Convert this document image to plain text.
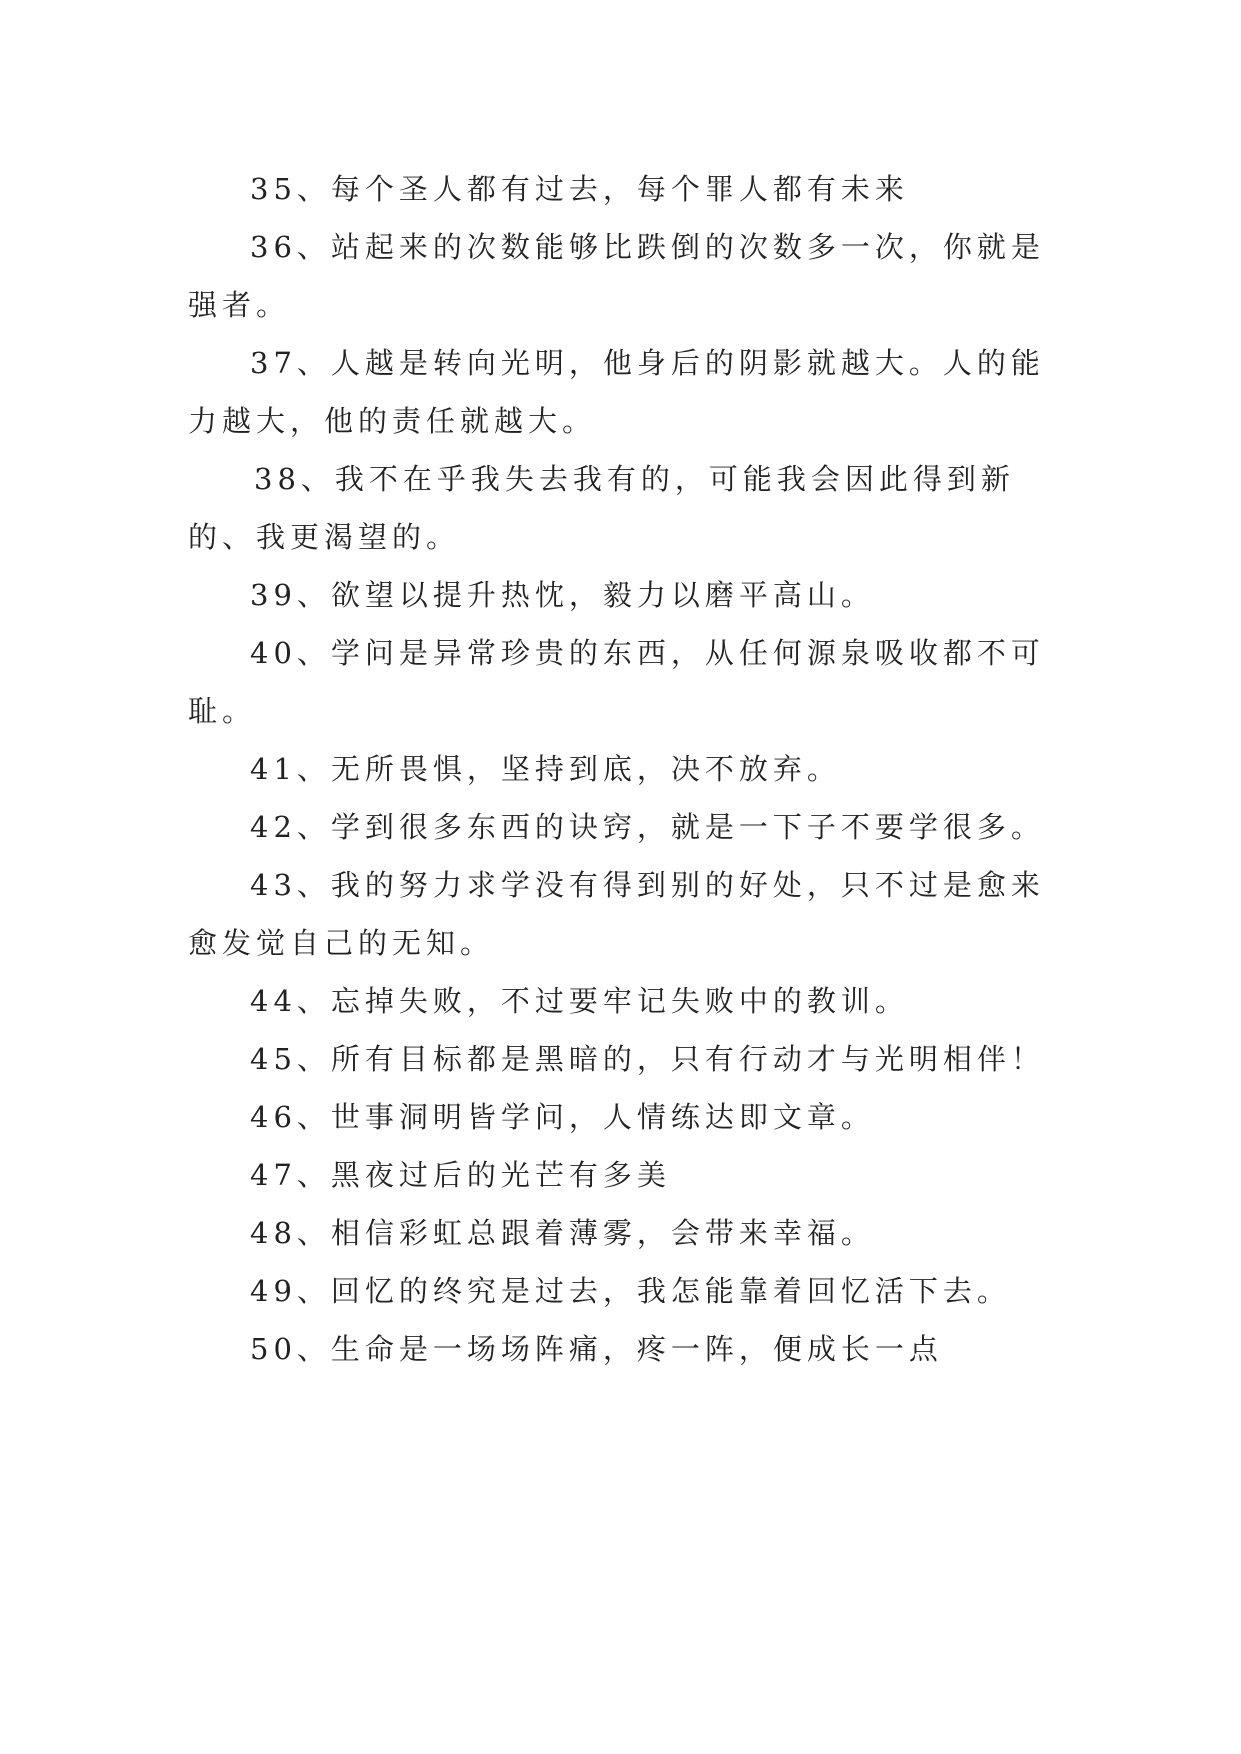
35、每个圣人都有过去，每个罪人都有未来

36、站起来的次数能够比跌倒的次数多一次，你就是强者。

37、人越是转向光明，他身后的阴影就越大。人的能力越大，他的责任就越大。

38、我不在乎我失去我有的，可能我会因此得到新的、我更渴望的。

39、欲望以提升热忱，毅力以磨平高山。

40、学问是异常珍贵的东西，从任何源泉吸收都不可耻。

41、无所畏惧，坚持到底，决不放弃。

42、学到很多东西的诀窍，就是一下子不要学很多。

43、我的努力求学没有得到别的好处，只不过是愈来愈发觉自己的无知。

44、忘掉失败，不过要牢记失败中的教训。

45、所有目标都是黑暗的，只有行动才与光明相伴！

46、世事洞明皆学问，人情练达即文章。

47、黑夜过后的光芒有多美

48、相信彩虹总跟着薄雾，会带来幸福。

49、回忆的终究是过去，我怎能靠着回忆活下去。

50、生命是一场场阵痛，疼一阵，便成长一点
